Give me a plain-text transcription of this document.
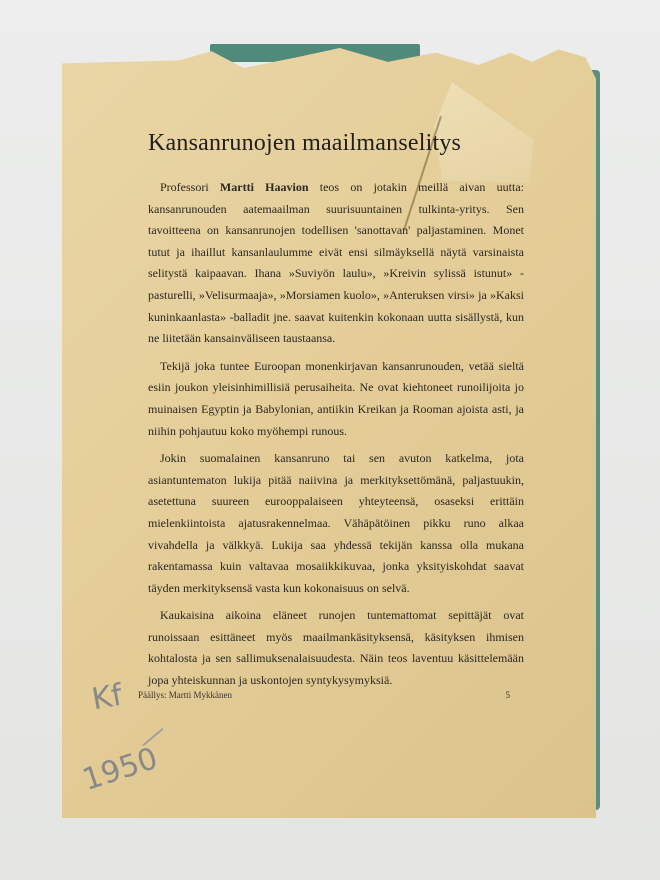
Kansanrunojen maailmanselitys

Professori Martti Haavion teos on jotakin meillä aivan uutta: kansanrunouden aatemaailman suurisuuntainen tulkinta-yritys. Sen tavoitteena on kansanrunojen todellisen 'sanottavan' paljastaminen. Monet tutut ja ihaillut kansanlaulumme eivät ensi silmäyksellä näytä varsinaista selitystä kaipaavan. Ihana »Suviyön laulu», »Kreivin sylissä istunut» -pasturelli, »Velisurmaaja», »Morsiamen kuolo», »Anteruksen virsi» ja »Kaksi kuninkaanlasta» -balladit jne. saavat kuitenkin kokonaan uutta sisällystä, kun ne liitetään kansainväliseen taustaansa.

Tekijä joka tuntee Euroopan monenkirjavan kansanrunouden, vetää sieltä esiin joukon yleisinhimillisiä perusaiheita. Ne ovat kiehtoneet runoilijoita jo muinaisen Egyptin ja Babylonian, antiikin Kreikan ja Rooman ajoista asti, ja niihin pohjautuu koko myöhempi runous.

Jokin suomalainen kansanruno tai sen avuton katkelma, jota asiantuntematon lukija pitää naiivina ja merkityksettömänä, paljastuukin, asetettuna suureen eurooppalaiseen yhteyteensä, osaseksi erittäin mielenkiintoista ajatusrakennelmaa. Vähäpätöinen pikku runo alkaa vivahdella ja välkkyä. Lukija saa yhdessä tekijän kanssa olla mukana rakentamassa kuin valtavaa mosaiikkikuvaa, jonka yksityiskohdat saavat täyden merkityksensä vasta kun kokonaisuus on selvä.

Kaukaisina aikoina eläneet runojen tuntemattomat sepittäjät ovat runoissaan esittäneet myös maailmankäsityksensä, käsityksen ihmisen kohtalosta ja sen sallimuksenalaisuudesta. Näin teos laventuu käsittelemään jopa yhteiskunnan ja uskontojen syntykysymyksiä.

Päällys: Martti Mykkänen	5
Kf
1950
